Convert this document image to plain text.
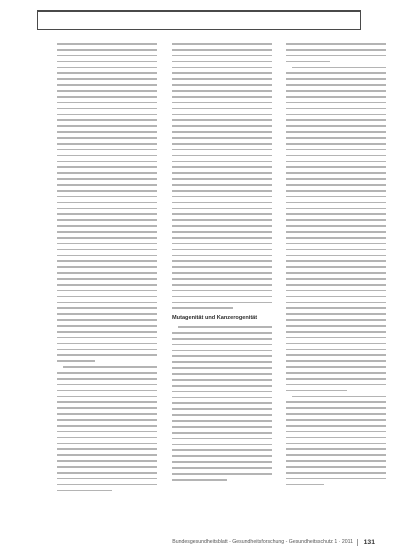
Mutagenität und Kanzerogenität
Bundesgesundheitsblatt - Gesundheitsforschung - Gesundheitsschutz 1 · 2011 131
